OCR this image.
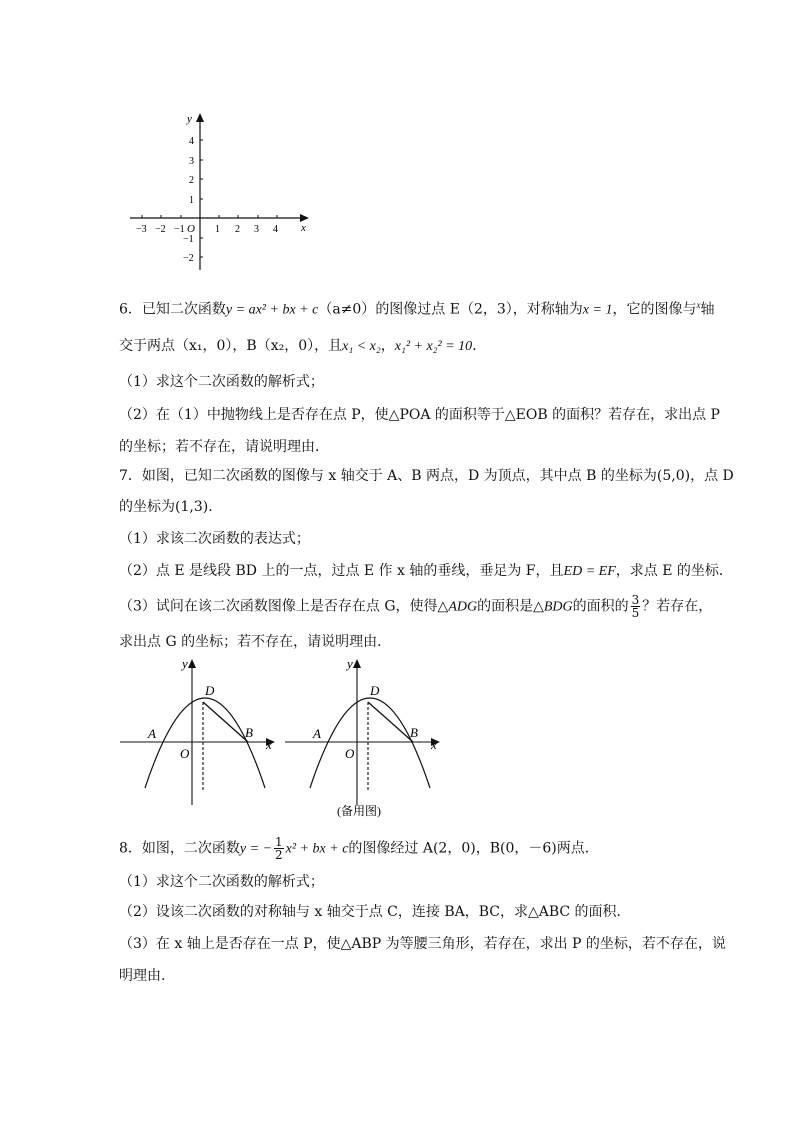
y
x
O
−3 −2 −1	1 2 3 4
4
3
2
1
−1
−2
6．已知二次函数y = ax² + bx + c（a≠0）的图像过点 E（2，3），对称轴为x = 1，它的图像与$^x$轴
交于两点（x₁，0），B（x₂，0），且x₁ < x₂，x₁² + x₂² = 10．
（1）求这个二次函数的解析式；
（2）在（1）中抛物线上是否存在点 P，使△POA 的面积等于△EOB 的面积？若存在，求出点 P
的坐标；若不存在，请说明理由．
7．如图，已知二次函数的图像与 x 轴交于 A、B 两点，D 为顶点，其中点 B 的坐标为(5,0)，点 D
的坐标为(1,3)．
（1）求该二次函数的表达式；
（2）点 E 是线段 BD 上的一点，过点 E 作 x 轴的垂线，垂足为 F，且ED = EF，求点 E 的坐标．
（3）试问在该二次函数图像上是否存在点 G，使得△ADG的面积是△BDG的面积的 $\frac{3}{5}$ ？若存在，
求出点 G 的坐标；若不存在，请说明理由．
y
x
D
A	B
O
y
x
D
A	B
O
(备用图)
8．如图，二次函数y = − $\frac{1}{2} x^2$ + bx + c的图像经过 A(2，0)，B(0，－6)两点．
（1）求这个二次函数的解析式；
（2）设该二次函数的对称轴与 x 轴交于点 C，连接 BA，BC，求△ABC 的面积．
（3）在 x 轴上是否存在一点 P，使△ABP 为等腰三角形，若存在，求出 P 的坐标，若不存在，说
明理由.
